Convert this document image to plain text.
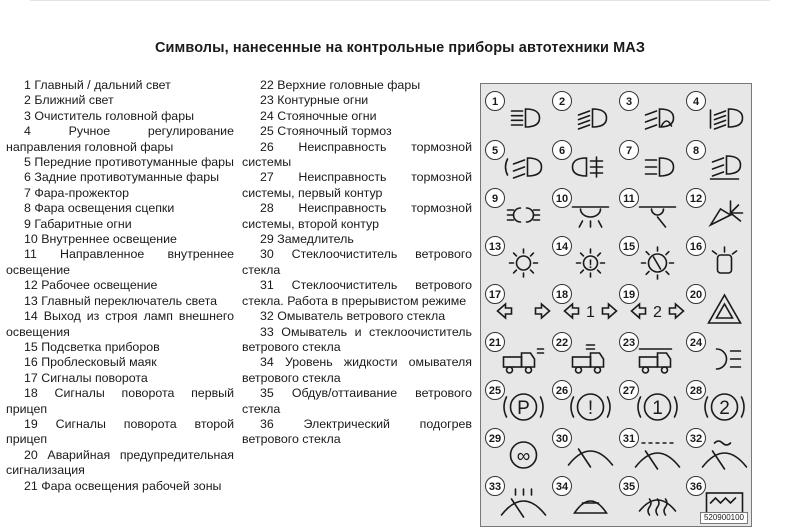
Символы, нанесенные на контрольные приборы автотехники МАЗ
1 Главный / дальний свет
2 Ближний свет
3 Очиститель головной фары
4 Ручное регулирование направления головной фары
5 Передние противотуманные фары
6 Задние противотуманные фары
7 Фара-прожектор
8 Фара освещения сцепки
9 Габаритные огни
10 Внутреннее освещение
11 Направленное внутреннее освещение
12 Рабочее освещение
13 Главный переключатель света
14 Выход из строя ламп внешнего освещения
15 Подсветка приборов
16 Проблесковый маяк
17 Сигналы поворота
18 Сигналы поворота первый прицеп
19 Сигналы поворота второй прицеп
20 Аварийная предупредительная сигнализация
21 Фара освещения рабочей зоны
22 Верхние головные фары
23 Контурные огни
24 Стояночные огни
25 Стояночный тормоз
26 Неисправность тормозной системы
27 Неисправность тормозной системы, первый контур
28 Неисправность тормозной системы, второй контур
29 Замедлитель
30 Стеклоочиститель ветрового стекла
31 Стеклоочиститель ветрового стекла. Работа в прерывистом режиме
32 Омыватель ветрового стекла
33 Омыватель и стеклоочиститель ветрового стекла
34 Уровень жидкости омывателя ветрового стекла
35 Обдув/оттаивание ветрового стекла
36 Электрический подогрев ветрового стекла
1	2	3	4
5	6	7	8
9	10	11	12
13
!
14	15	16
17
1
18
2
19	20
21	22	23	24
P
25
!
26
1
27
2
28
∞
29	30	31	32
33	34	35	36
520900100
